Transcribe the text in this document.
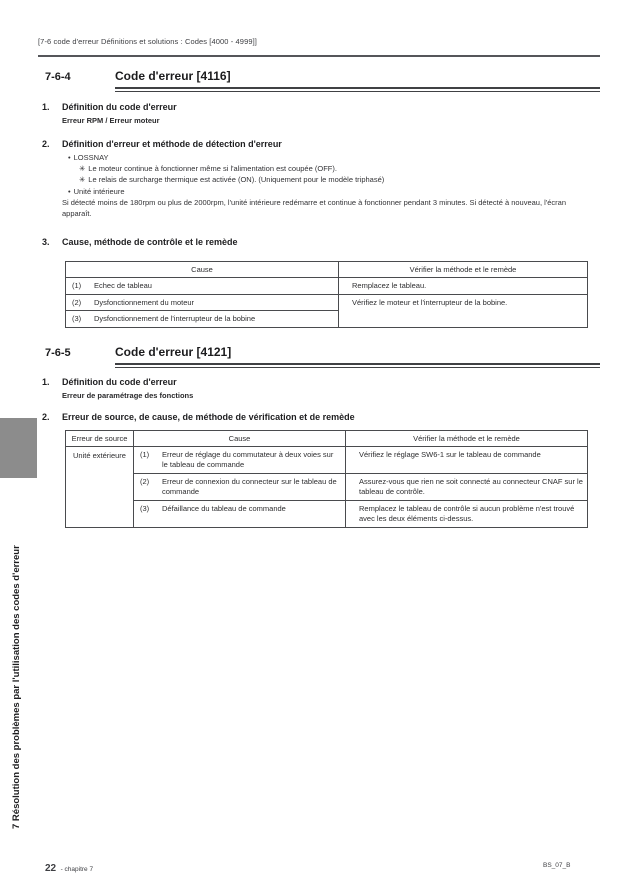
[7-6 code d'erreur Définitions et solutions : Codes [4000 - 4999]]
7-6-4	Code d'erreur [4116]
1. Définition du code d'erreur
Erreur RPM / Erreur moteur
2. Définition d'erreur et méthode de détection d'erreur
• LOSSNAY
✳ Le moteur continue à fonctionner même si l'alimentation est coupée (OFF).
✳ Le relais de surcharge thermique est activée (ON). (Uniquement pour le modèle triphasé)
• Unité intérieure
Si détecté moins de 180rpm ou plus de 2000rpm, l'unité intérieure redémarre et continue à fonctionner pendant 3 minutes. Si détecté à nouveau, l'écran apparaît.
3. Cause, méthode de contrôle et le remède
Cause	Vérifier la méthode et le remède
(1) Echec de tableau	Remplacez le tableau.
(2) Dysfonctionnement du moteur	Vérifiez le moteur et l'interrupteur de la bobine.
(3) Dysfonctionnement de l'interrupteur de la bobine	
7-6-5	Code d'erreur [4121]
1. Définition du code d'erreur
Erreur de paramétrage des fonctions
2. Erreur de source, de cause, de méthode de vérification et de remède
Erreur de source	Cause	Vérifier la méthode et le remède
Unité extérieure	(1) Erreur de réglage du commutateur à deux voies sur le tableau de commande	Vérifiez le réglage SW6-1 sur le tableau de commande
	(2) Erreur de connexion du connecteur sur le tableau de commande	Assurez-vous que rien ne soit connecté au connecteur CNAF sur le tableau de contrôle.
	(3) Défaillance du tableau de commande	Remplacez le tableau de contrôle si aucun problème n'est trouvé avec les deux éléments ci-dessus.
7 Résolution des problèmes par l'utilisation des codes d'erreur
22 - chapitre 7
BS_07_B
